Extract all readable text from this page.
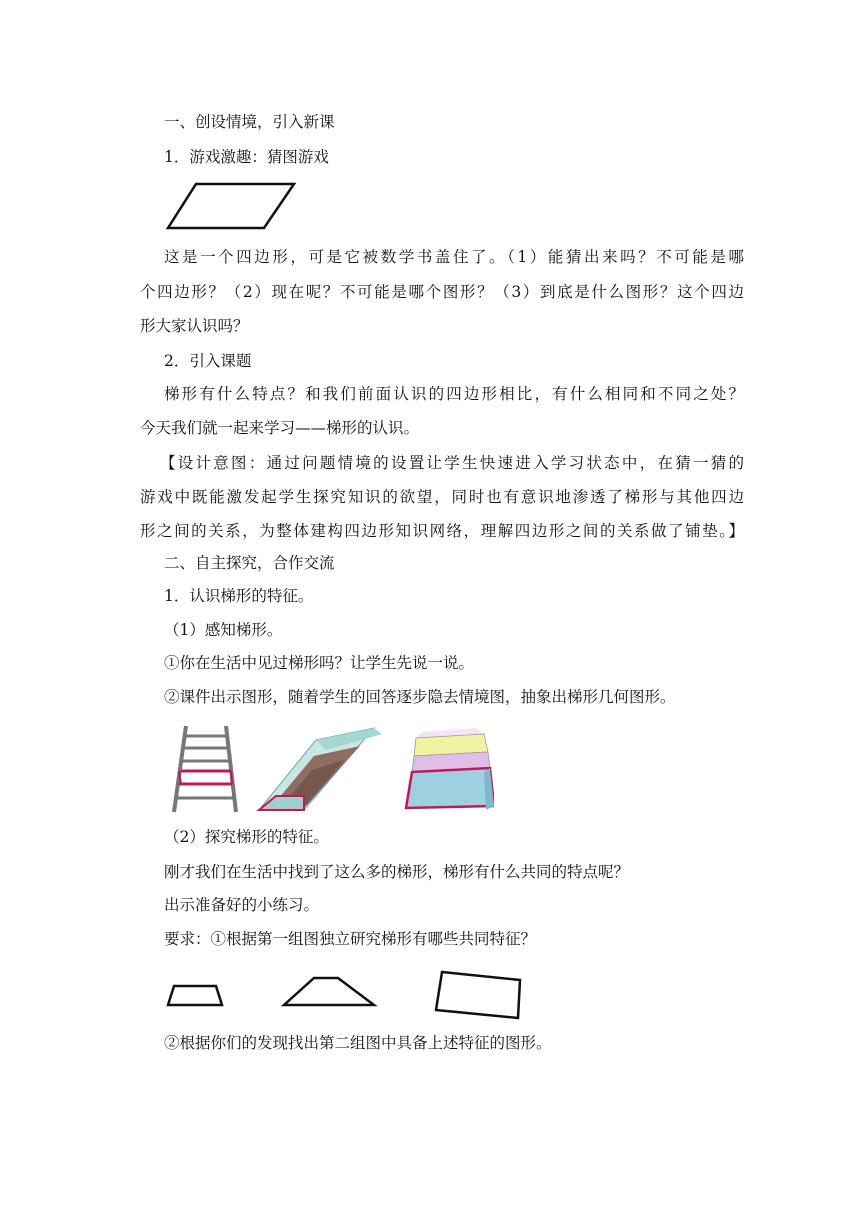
一、创设情境，引入新课
1．游戏激趣：猜图游戏
这是一个四边形，可是它被数学书盖住了。（1）能猜出来吗？不可能是哪
个四边形？（2）现在呢？不可能是哪个图形？（3）到底是什么图形？这个四边
形大家认识吗？
2．引入课题
梯形有什么特点？和我们前面认识的四边形相比，有什么相同和不同之处？
今天我们就一起来学习——梯形的认识。
【设计意图：通过问题情境的设置让学生快速进入学习状态中，在猜一猜的
游戏中既能激发起学生探究知识的欲望，同时也有意识地渗透了梯形与其他四边
形之间的关系，为整体建构四边形知识网络，理解四边形之间的关系做了铺垫。】
二、自主探究，合作交流
1．认识梯形的特征。
（1）感知梯形。
①你在生活中见过梯形吗？让学生先说一说。
②课件出示图形，随着学生的回答逐步隐去情境图，抽象出梯形几何图形。
（2）探究梯形的特征。
刚才我们在生活中找到了这么多的梯形，梯形有什么共同的特点呢？
出示准备好的小练习。
要求：①根据第一组图独立研究梯形有哪些共同特征？
②根据你们的发现找出第二组图中具备上述特征的图形。
